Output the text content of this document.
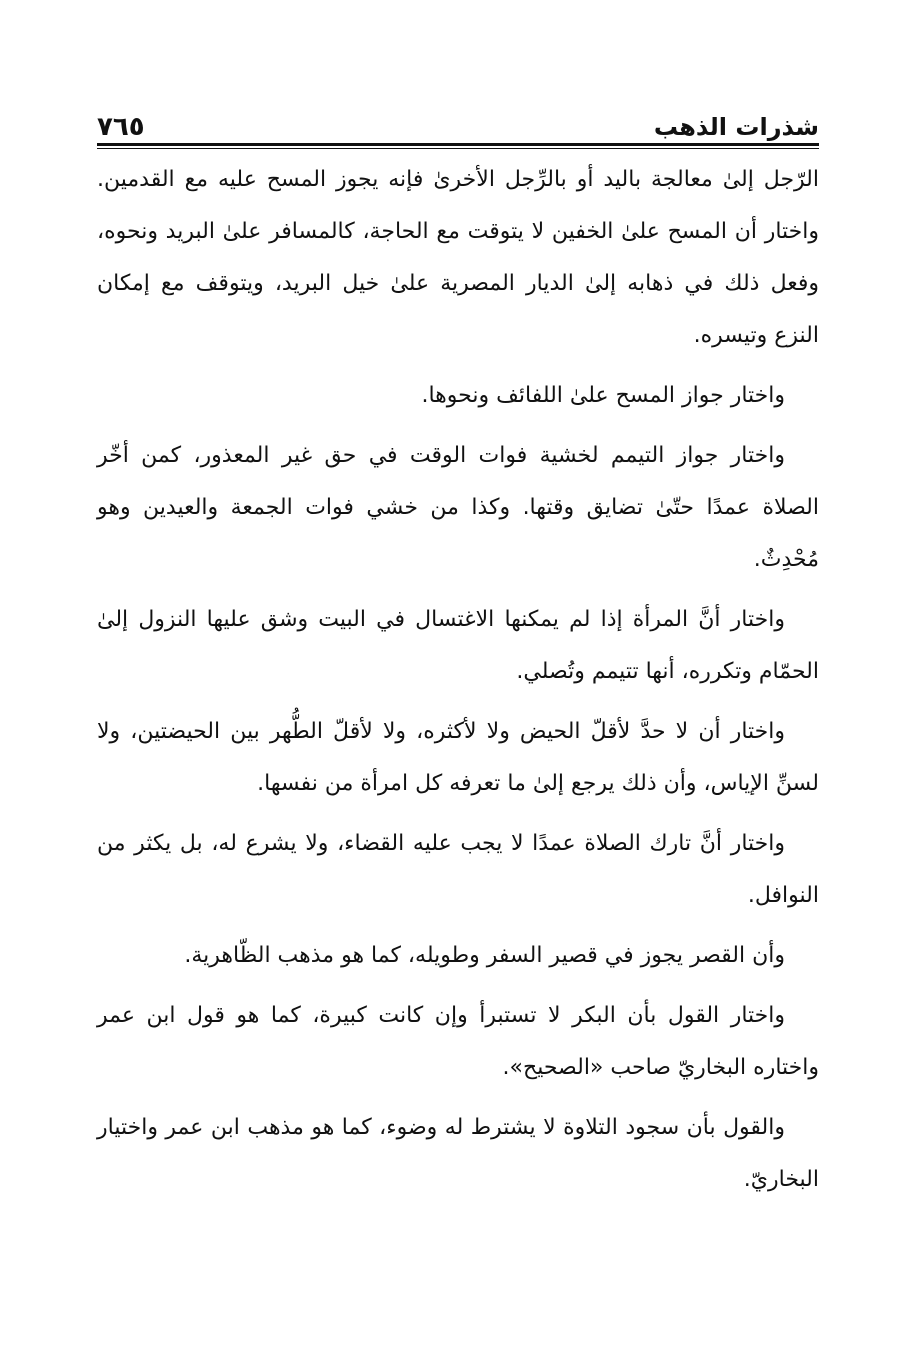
شذرات الذهب
٧٦٥

الرّجل إلىٰ معالجة باليد أو بالرِّجل الأخرىٰ فإنه يجوز المسح عليه مع القدمين. واختار أن المسح علىٰ الخفين لا يتوقت مع الحاجة، كالمسافر علىٰ البريد ونحوه، وفعل ذلك في ذهابه إلىٰ الديار المصرية علىٰ خيل البريد، ويتوقف مع إمكان النزع وتيسره.

واختار جواز المسح علىٰ اللفائف ونحوها.

واختار جواز التيمم لخشية فوات الوقت في حق غير المعذور، كمن أخّر الصلاة عمدًا حتّىٰ تضايق وقتها. وكذا من خشي فوات الجمعة والعيدين وهو مُحْدِثٌ.

واختار أنَّ المرأة إذا لم يمكنها الاغتسال في البيت وشق عليها النزول إلىٰ الحمّام وتكرره، أنها تتيمم وتُصلي.

واختار أن لا حدَّ لأقلّ الحيض ولا لأكثره، ولا لأقلّ الطُّهر بين الحيضتين، ولا لسنِّ الإياس، وأن ذلك يرجع إلىٰ ما تعرفه كل امرأة من نفسها.

واختار أنَّ تارك الصلاة عمدًا لا يجب عليه القضاء، ولا يشرع له، بل يكثر من النوافل.

وأن القصر يجوز في قصير السفر وطويله، كما هو مذهب الظّاهرية.

واختار القول بأن البكر لا تستبرأ وإن كانت كبيرة، كما هو قول ابن عمر واختاره البخاريّ صاحب «الصحيح».

والقول بأن سجود التلاوة لا يشترط له وضوء، كما هو مذهب ابن عمر واختيار البخاريّ.
